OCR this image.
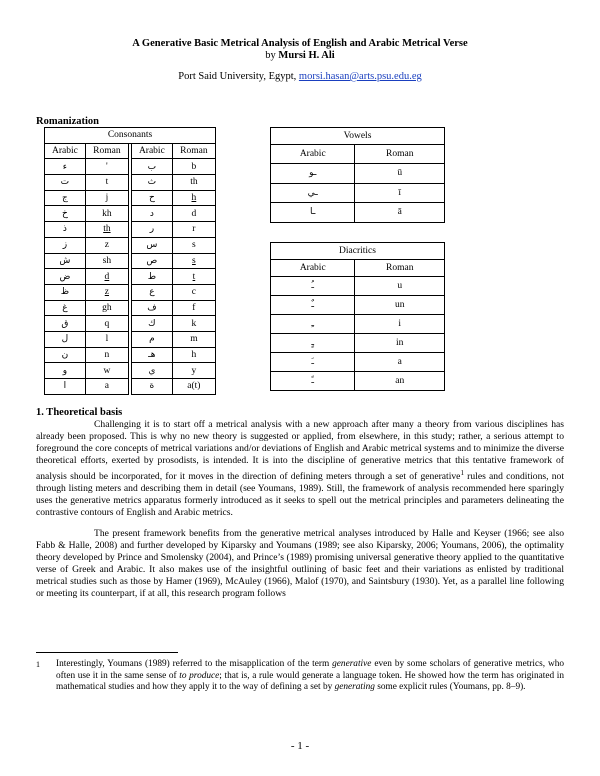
A Generative Basic Metrical Analysis of English and Arabic Metrical Verse
by Mursi H. Ali
Port Said University, Egypt, morsi.hasan@arts.psu.edu.eg
Romanization
Consonants				
Arabic	Roman		Arabic	Roman
ء	'		ب	b
ت	t		ث	th
ج	j		ح	h
خ	kh		د	d
ذ	th		ر	r
ز	z		س	s
ش	sh		ص	s
ض	d		ط	t
ظ	z		ع	c
غ	gh		ف	f
ق	q		ك	k
ل	l		م	m
ن	n		هـ	h
و	w		ي	y
ا	a		ة	a(t)
Vowels	
Arabic	Roman
ـو	ū
ـي	ī
ـا	ā
Diacritics	
Arabic	Roman
ـُ	u
ـٌ	un
ـِ	i
ـٍ	in
ـَ	a
ـً	an
1. Theoretical basis

Challenging it is to start off a metrical analysis with a new approach after many a theory from various disciplines has already been proposed. This is why no new theory is suggested or applied, from elsewhere, in this study; rather, a serious attempt to foreground the core concepts of metrical variations and/or deviations of English and Arabic metrical systems and to minimize the diverse theoretical efforts, exerted by prosodists, is intended. It is into the discipline of generative metrics that this tentative framework of analysis should be incorporated, for it moves in the direction of defining meters through a set of generative$^1$ rules and conditions, not through listing meters and describing them in detail (see Youmans, 1989). Still, the framework of analysis recommended here sparingly uses the generative metrics apparatus formerly introduced as it seeks to spell out the metrical principles and parameters delineating the contrastive contours of English and Arabic metrics.

The present framework benefits from the generative metrical analyses introduced by Halle and Keyser (1966; see also Fabb & Halle, 2008) and further developed by Kiparsky and Youmans (1989; see also Kiparsky, 2006; Youmans, 2006), the optimality theory developed by Prince and Smolensky (2004), and Prince’s (1989) promising universal generative theory applied to the quantitative verse of Greek and Arabic. It also makes use of the insightful outlining of basic feet and their variations as enlisted by traditional metrical studies such as those by Hamer (1969), McAuley (1966), Malof (1970), and Saintsbury (1930). Yet, as a parallel line following or meeting its counterpart, if at all, this research program follows

1 Interestingly, Youmans (1989) referred to the misapplication of the term generative even by some scholars of generative metrics, who often use it in the same sense of to produce; that is, a rule would generate a language token. He showed how the term has originated in mathematical studies and how they apply it to the way of defining a set by generating some explicit rules (Youmans, pp. 8–9).
- 1 -
